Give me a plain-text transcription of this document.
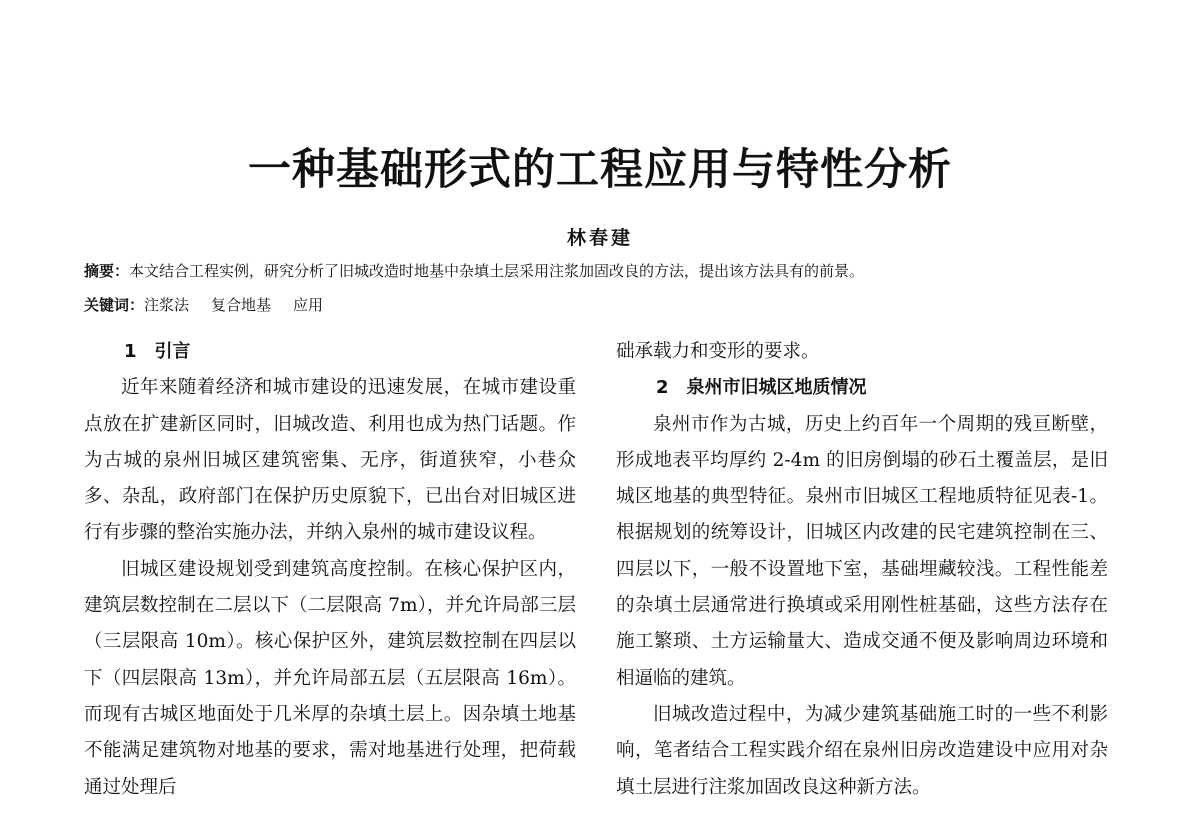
一种基础形式的工程应用与特性分析
林春建
摘要：本文结合工程实例，研究分析了旧城改造时地基中杂填土层采用注浆加固改良的方法，提出该方法具有的前景。
关键词：注浆法 复合地基 应用
1 引言

近年来随着经济和城市建设的迅速发展，在城市建设重点放在扩建新区同时，旧城改造、利用也成为热门话题。作为古城的泉州旧城区建筑密集、无序，街道狭窄，小巷众多、杂乱，政府部门在保护历史原貌下，已出台对旧城区进行有步骤的整治实施办法，并纳入泉州的城市建设议程。

旧城区建设规划受到建筑高度控制。在核心保护区内，建筑层数控制在二层以下（二层限高 7m），并允许局部三层（三层限高 10m）。核心保护区外，建筑层数控制在四层以下（四层限高 13m），并允许局部五层（五层限高 16m）。而现有古城区地面处于几米厚的杂填土层上。因杂填土地基不能满足建筑物对地基的要求，需对地基进行处理，把荷载通过处理后

础承载力和变形的要求。

2 泉州市旧城区地质情况

泉州市作为古城，历史上约百年一个周期的残亘断壁，形成地表平均厚约 2-4m 的旧房倒塌的砂石土覆盖层，是旧城区地基的典型特征。泉州市旧城区工程地质特征见表-1。根据规划的统筹设计，旧城区内改建的民宅建筑控制在三、四层以下，一般不设置地下室，基础埋藏较浅。工程性能差的杂填土层通常进行换填或采用刚性桩基础，这些方法存在施工繁琐、土方运输量大、造成交通不便及影响周边环境和相逼临的建筑。

旧城改造过程中，为减少建筑基础施工时的一些不利影响，笔者结合工程实践介绍在泉州旧房改造建设中应用对杂填土层进行注浆加固改良这种新方法。
